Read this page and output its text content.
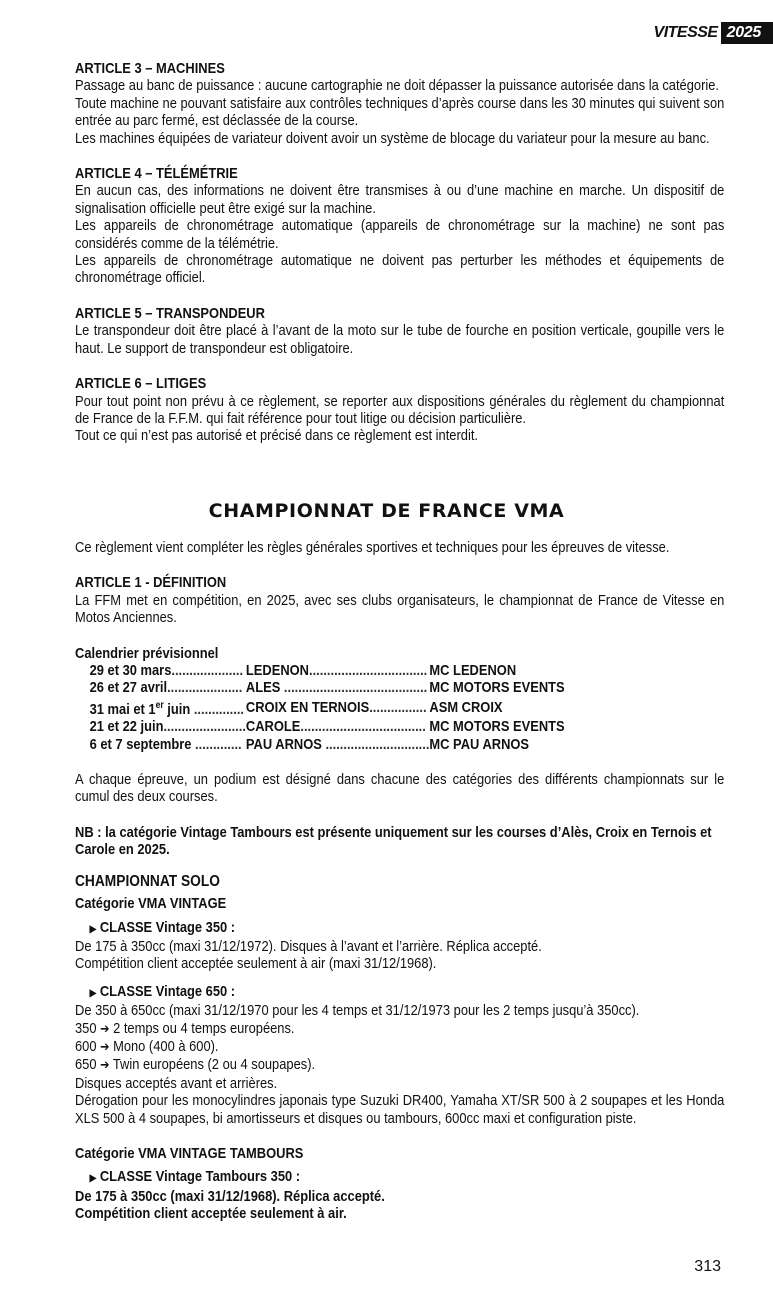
VITESSE 2025
ARTICLE 3 – MACHINES

Passage au banc de puissance : aucune cartographie ne doit dépasser la puissance autorisée dans la catégorie.

Toute machine ne pouvant satisfaire aux contrôles techniques d’après course dans les 30 minutes qui suivent son entrée au parc fermé, est déclassée de la course.

Les machines équipées de variateur doivent avoir un système de blocage du variateur pour la mesure au banc.

ARTICLE 4 – TÉLÉMÉTRIE

En aucun cas, des informations ne doivent être transmises à ou d’une machine en marche. Un dispositif de signalisation officielle peut être exigé sur la machine.

Les appareils de chronométrage automatique (appareils de chronométrage sur la machine) ne sont pas considérés comme de la télémétrie.

Les appareils de chronométrage automatique ne doivent pas perturber les méthodes et équipements de chronométrage officiel.

ARTICLE 5 – TRANSPONDEUR

Le transpondeur doit être placé à l’avant de la moto sur le tube de fourche en position verticale, goupille vers le haut. Le support de transpondeur est obligatoire.

ARTICLE 6 – LITIGES

Pour tout point non prévu à ce règlement, se reporter aux dispositions générales du règlement du championnat de France de la F.F.M. qui fait référence pour tout litige ou décision particulière.

Tout ce qui n’est pas autorisé et précisé dans ce règlement est interdit.

CHAMPIONNAT DE FRANCE VMA

Ce règlement vient compléter les règles générales sportives et techniques pour les épreuves de vitesse.

ARTICLE 1 - DÉFINITION

La FFM met en compétition, en 2025, avec ses clubs organisateurs, le championnat de France de Vitesse en Motos Anciennes.

Calendrier prévisionnel
29 et 30 mars....................	LEDENON.................................	MC LEDENON
26 et 27 avril.....................	ALES ........................................	MC MOTORS EVENTS
31 mai et 1er juin ..............	CROIX EN TERNOIS................	ASM CROIX
21 et 22 juin.......................	CAROLE...................................	MC MOTORS EVENTS
6 et 7 septembre .............	PAU ARNOS .............................	MC PAU ARNOS

A chaque épreuve, un podium est désigné dans chacune des catégories des différents championnats sur le cumul des deux courses.

NB : la catégorie Vintage Tambours est présente uniquement sur les courses d’Alès, Croix en Ternois et Carole en 2025.

CHAMPIONNAT SOLO
Catégorie VMA VINTAGE
▶ CLASSE Vintage 350 :

De 175 à 350cc (maxi 31/12/1972). Disques à l’avant et l’arrière. Réplica accepté.

Compétition client acceptée seulement à air (maxi 31/12/1968).

▶ CLASSE Vintage 650 :

De 350 à 650cc (maxi 31/12/1970 pour les 4 temps et 31/12/1973 pour les 2 temps jusqu’à 350cc).

350 ➔ 2 temps ou 4 temps européens.

600 ➔ Mono (400 à 600).

650 ➔ Twin européens (2 ou 4 soupapes).

Disques acceptés avant et arrières.

Dérogation pour les monocylindres japonais type Suzuki DR400, Yamaha XT/SR 500 à 2 soupapes et les Honda XLS 500 à 4 soupapes, bi amortisseurs et disques ou tambours, 600cc maxi et configuration piste.

Catégorie VMA VINTAGE TAMBOURS
▶ CLASSE Vintage Tambours 350 :

De 175 à 350cc (maxi 31/12/1968). Réplica accepté.

Compétition client acceptée seulement à air.

313
